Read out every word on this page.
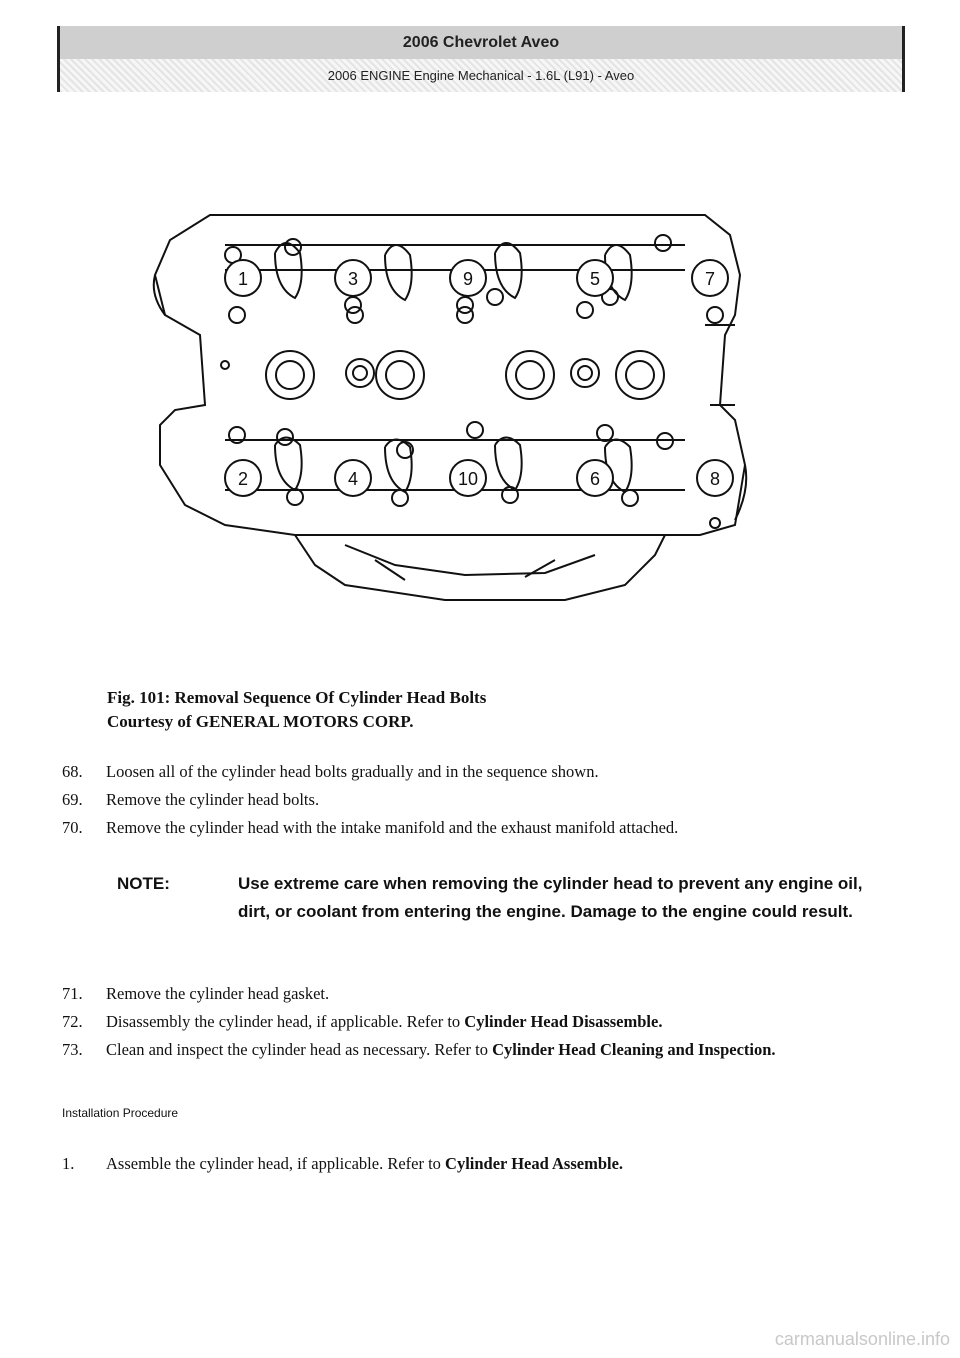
2006 Chevrolet Aveo
2006 ENGINE Engine Mechanical - 1.6L (L91) - Aveo
1	3	9	5	7
2	4	10	6	8
Fig. 101: Removal Sequence Of Cylinder Head Bolts
Courtesy of GENERAL MOTORS CORP.
68.	Loosen all of the cylinder head bolts gradually and in the sequence shown.
69.	Remove the cylinder head bolts.
70.	Remove the cylinder head with the intake manifold and the exhaust manifold attached.
NOTE:	Use extreme care when removing the cylinder head to prevent any engine oil, dirt, or coolant from entering the engine. Damage to the engine could result.
71.	Remove the cylinder head gasket.
72.	Disassembly the cylinder head, if applicable. Refer to Cylinder Head Disassemble.
73.	Clean and inspect the cylinder head as necessary. Refer to Cylinder Head Cleaning and Inspection.
Installation Procedure
1.	Assemble the cylinder head, if applicable. Refer to Cylinder Head Assemble.
carmanualsonline.info
